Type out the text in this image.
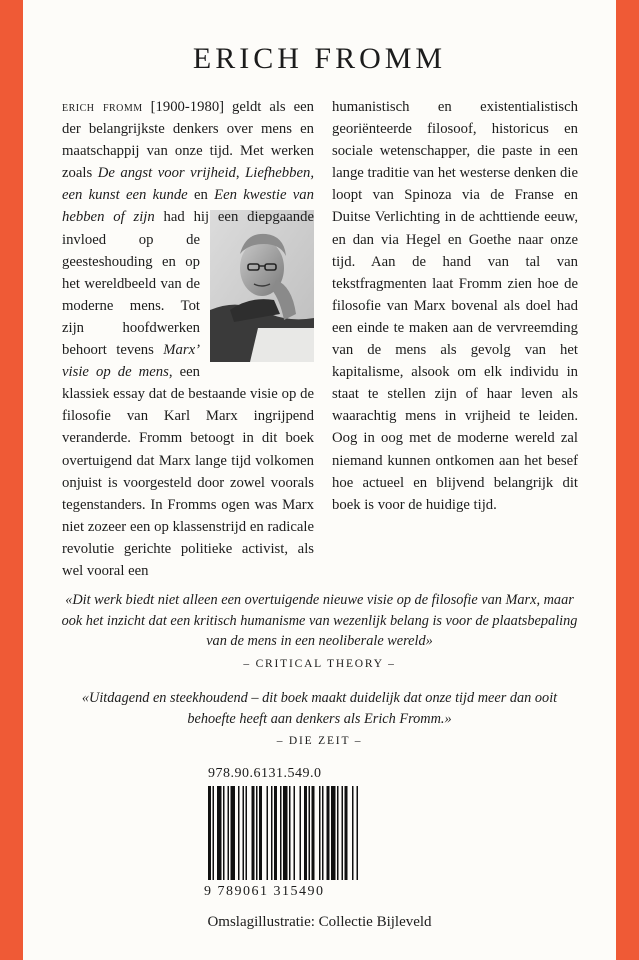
ERICH FROMM

erich fromm [1900-1980] geldt als een der belangrijkste denkers over mens en maatschappij van onze tijd. Met werken zoals De angst voor vrijheid, Liefhebben, een kunst een kunde en Een kwestie van hebben of zijn
had hij een diepgaande invloed op de geesteshouding en op het wereldbeeld van de moderne mens. Tot zijn hoofdwerken behoort tevens Marx’ visie op de mens, een klassiek essay dat de bestaande visie op de filosofie van Karl Marx ingrijpend veranderde. Fromm betoogt in dit boek overtuigend dat Marx lange tijd volkomen onjuist is voorgesteld door zowel voorals tegenstanders. In Fromms ogen was Marx niet zozeer een op klassenstrijd en radicale revolutie gerichte politieke activist, als wel vooral een

humanistisch en existentialistisch georiënteerde filosoof, historicus en sociale wetenschapper, die paste in een lange traditie van het westerse denken die loopt van Spinoza via de Franse en Duitse Verlichting in de achttiende eeuw, en dan via Hegel en Goethe naar onze tijd. Aan de hand van tal van tekstfragmenten laat Fromm zien hoe de filosofie van Marx bovenal als doel had een einde te maken aan de vervreemding van de mens als gevolg van het kapitalisme, alsook om elk individu in staat te stellen zijn of haar leven als waarachtig mens in vrijheid te leiden. Oog in oog met de moderne wereld zal niemand kunnen ontkomen aan het besef hoe actueel en blijvend belangrijk dit boek is voor de huidige tijd.

«Dit werk biedt niet alleen een overtuigende nieuwe visie op de filosofie van Marx, maar ook het inzicht dat een kritisch humanisme van wezenlijk belang is voor de plaatsbepaling van de mens in een neoliberale wereld»
– CRITICAL THEORY –
«Uitdagend en steekhoudend – dit boek maakt duidelijk dat onze tijd meer dan ooit behoefte heeft aan denkers als Erich Fromm.»
– DIE ZEIT –
978.90.6131.549.0
9 789061 315490
Omslagillustratie: Collectie Bijleveld
